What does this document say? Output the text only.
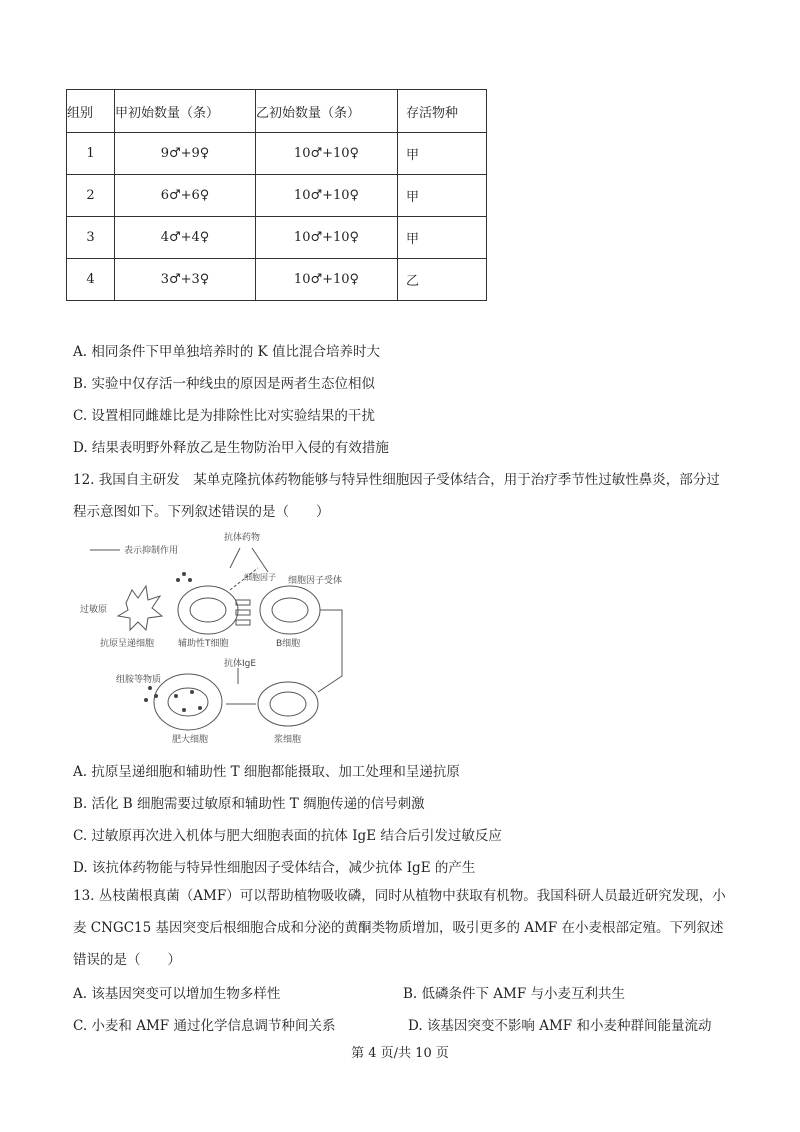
组别	甲初始数量（条）	乙初始数量（条）	存活物种
1	9♂+9♀	10♂+10♀	甲
2	6♂+6♀	10♂+10♀	甲
3	4♂+4♀	10♂+10♀	甲
4	3♂+3♀	10♂+10♀	乙
A. 相同条件下甲单独培养时的 K 值比混合培养时大
B. 实验中仅存活一种线虫的原因是两者生态位相似
C. 设置相同雌雄比是为排除性比对实验结果的干扰
D. 结果表明野外释放乙是生物防治甲入侵的有效措施
12. 我国自主研发　某单克隆抗体药物能够与特异性细胞因子受体结合，用于治疗季节性过敏性鼻炎，部分过程示意图如下。下列叙述错误的是（　　）
表示抑制作用
抗体药物
细胞因子 细胞因子受体
过敏原
抗原呈递细胞	辅助性T细胞	B细胞
抗体IgE
组胺等物质
肥大细胞	浆细胞
A. 抗原呈递细胞和辅助性 T 细胞都能摄取、加工处理和呈递抗原
B. 活化 B 细胞需要过敏原和辅助性 T 绸胞传递的信号刺激
C. 过敏原再次进入机体与肥大细胞表面的抗体 IgE 结合后引发过敏反应
D. 该抗体药物能与特异性细胞因子受体结合，减少抗体 IgE 的产生
13. 丛枝菌根真菌（AMF）可以帮助植物吸收磷，同时从植物中获取有机物。我国科研人员最近研究发现，小麦 CNGC15 基因突变后根细胞合成和分泌的黄酮类物质增加，吸引更多的 AMF 在小麦根部定殖。下列叙述错误的是（　　）
A. 该基因突变可以增加生物多样性	B. 低磷条件下 AMF 与小麦互利共生
C. 小麦和 AMF 通过化学信息调节种间关系	D. 该基因突变不影响 AMF 和小麦种群间能量流动
第 4 页/共 10 页
